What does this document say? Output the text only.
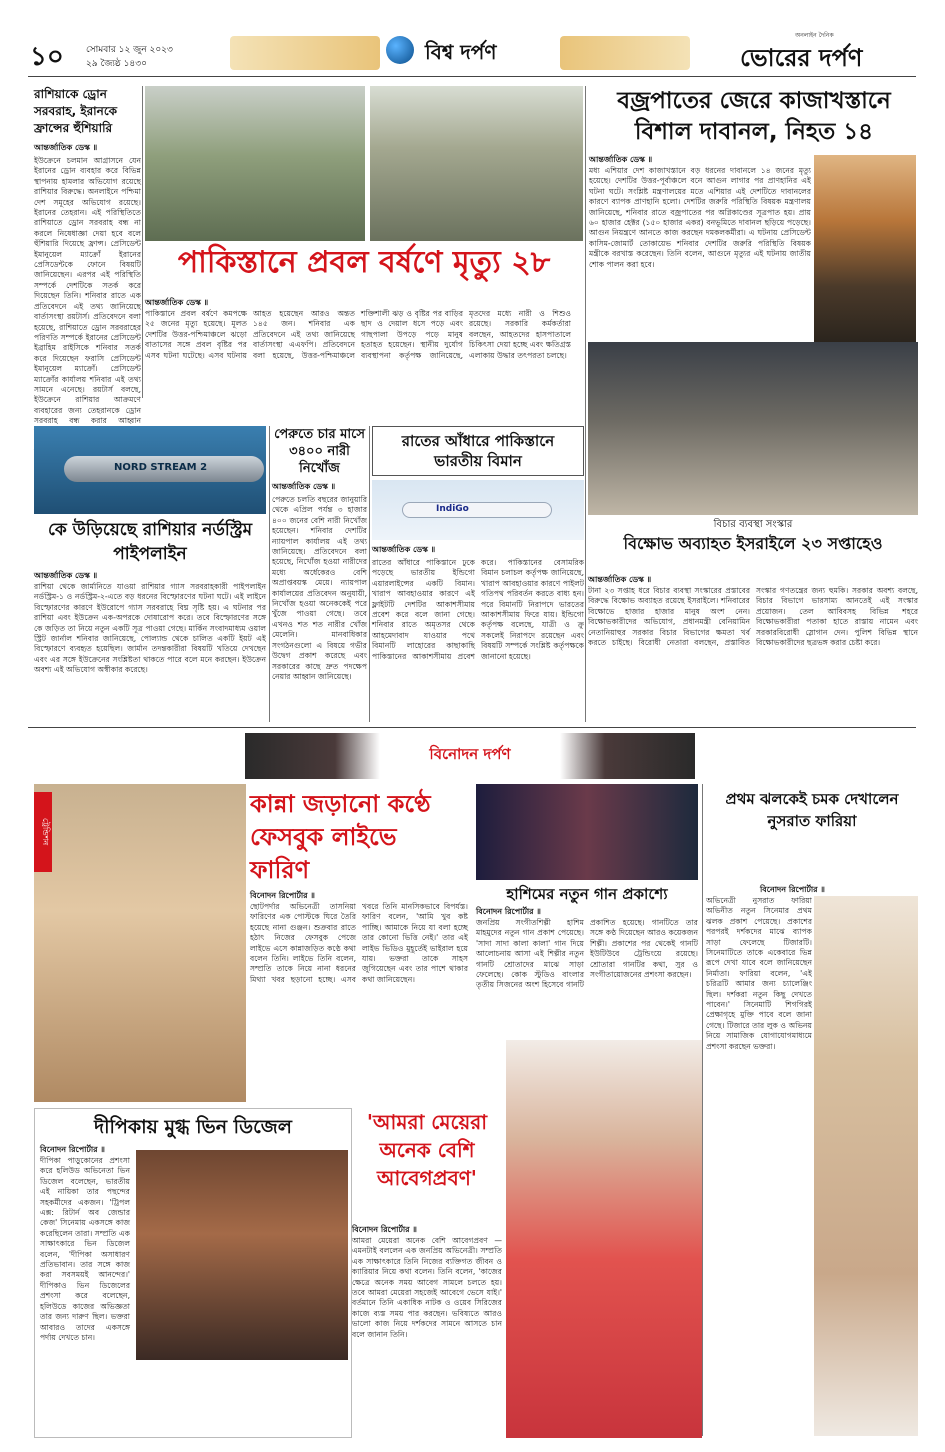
১০ সোমবার ১২ জুন ২০২৩
২৯ জ্যৈষ্ঠ ১৪৩০	বিশ্ব দর্পণ
অনলাইন দৈনিক
ভোরের দর্পণ
রাশিয়াকে ড্রোন সরবরাহ, ইরানকে ফ্রান্সের হুঁশিয়ারি
আন্তর্জাতিক ডেস্ক ॥
ইউক্রেনে চলমান আগ্রাসনে যেন ইরানের ড্রোন ব্যবহার করে বিভিন্ন স্থাপনায় হামলার অভিযোগ রয়েছে রাশিয়ার বিরুদ্ধে। অনলাইনে পশ্চিমা দেশ সমূহের অভিযোগ রয়েছে। ইরানের তেহরান। এই পরিস্থিতিতে রাশিয়াতে ড্রোন সরবরাহ বন্ধ না করলে নিষেধাজ্ঞা দেয়া হবে বলে হুঁশিয়ারি দিয়েছে ফ্রান্স। প্রেসিডেন্ট ইমানুয়েল ম্যাক্রোঁ ইরানের প্রেসিডেন্টকে ফোনে বিষয়টি জানিয়েছেন। এরপর এই পরিস্থিতি সম্পর্কে দেশটিকে সতর্ক করে দিয়েছেন তিনি। শনিবার রাতে এক প্রতিবেদনে এই তথ্য জানিয়েছে বার্তাসংস্থা রয়টার্স। প্রতিবেদনে বলা হয়েছে, রাশিয়াতে ড্রোন সরবরাহের পরিণতি সম্পর্কে ইরানের প্রেসিডেন্ট ইব্রাহিম রাইসিকে শনিবার সতর্ক করে দিয়েছেন ফরাসি প্রেসিডেন্ট ইমানুয়েল ম্যাক্রোঁ। প্রেসিডেন্ট ম্যাক্রোঁর কার্যালয় শনিবার এই তথ্য সামনে এনেছে। রয়টার্স বলছে, ইউক্রেনে রাশিয়ার আক্রমণে ব্যবহারের জন্য তেহরানকে ড্রোন সরবরাহ বন্ধ করার আহ্বান
বজ্রপাতের জেরে কাজাখস্তানে বিশাল দাবানল, নিহত ১৪
আন্তর্জাতিক ডেস্ক ॥
মধ্য এশিয়ার দেশ কাজাখস্তানে বড় ধরনের দাবানলে ১৪ জনের মৃত্যু হয়েছে। দেশটির উত্তর-পূর্বাঞ্চলে বনে আগুন লাগার পর প্রাণহানির এই ঘটনা ঘটে। সংশ্লিষ্ট মন্ত্রণালয়ের মতে এশিয়ার এই দেশটিতে দাবানলের কারণে ব্যাপক প্রাণহানি হলো। দেশটির জরুরি পরিস্থিতি বিষয়ক মন্ত্রণালয় জানিয়েছে, শনিবার রাতে বজ্রপাতের পর অগ্নিকাণ্ডের সূত্রপাত হয়। প্রায় ৬০ হাজার হেক্টর (১৫০ হাজার একর) বনভূমিতে দাবানল ছড়িয়ে পড়েছে। আগুন নিয়ন্ত্রণে আনতে কাজ করছেন দমকলকর্মীরা। এ ঘটনায় প্রেসিডেন্ট কাসিম-জোমার্ট তোকায়েভ শনিবার দেশটির জরুরি পরিস্থিতি বিষয়ক মন্ত্রীকে বরখাস্ত করেছেন। তিনি বলেন, আগুনে মৃত্যুর এই ঘটনায় জাতীয় শোক পালন করা হবে।
পাকিস্তানে প্রবল বর্ষণে মৃত্যু ২৮
আন্তর্জাতিক ডেস্ক ॥
পাকিস্তানে প্রবল বর্ষণে কমপক্ষে ২৫ জনের মৃত্যু হয়েছে। মূলত দেশটির উত্তর-পশ্চিমাঞ্চলে ঝড়ো বাতাসের সঙ্গে প্রবল বৃষ্টির পর এসব ঘটনা ঘটেছে। এসব ঘটনায় আহত হয়েছেন আরও অন্তত ১৪৫ জন। শনিবার এক প্রতিবেদনে এই তথ্য জানিয়েছে বার্তাসংস্থা এএফপি। প্রতিবেদনে বলা হয়েছে, উত্তর-পশ্চিমাঞ্চলে শক্তিশালী ঝড় ও বৃষ্টির পর বাড়ির ছাদ ও দেয়াল ধসে পড়ে এবং গাছপালা উপড়ে পড়ে মানুষ হতাহত হয়েছেন। স্থানীয় দুর্যোগ ব্যবস্থাপনা কর্তৃপক্ষ জানিয়েছে, মৃতদের মধ্যে নারী ও শিশুও রয়েছে। সরকারি কর্মকর্তারা বলছেন, আহতদের হাসপাতালে চিকিৎসা দেয়া হচ্ছে এবং ক্ষতিগ্রস্ত এলাকায় উদ্ধার তৎপরতা চলছে।
বিচার ব্যবস্থা সংস্কার
NORD STREAM 2
কে উড়িয়েছে রাশিয়ার নর্ডস্ট্রিম পাইপলাইন
আন্তর্জাতিক ডেস্ক ॥
রাশিয়া থেকে জার্মানিতে যাওয়া রাশিয়ার গ্যাস সরবরাহকারী পাইপলাইন নর্ডস্ট্রিম-১ ও নর্ডস্ট্রিম-২-এতে বড় ধরনের বিস্ফোরণের ঘটনা ঘটে। এই লাইনে বিস্ফোরণের কারণে ইউরোপে গ্যাস সরবরাহে বিঘ্ন সৃষ্টি হয়। এ ঘটনার পর রাশিয়া এবং ইউক্রেন এক-অপরকে দোষারোপ করে। তবে বিস্ফোরণের সঙ্গে কে জড়িত তা নিয়ে নতুন একটি সূত্র পাওয়া গেছে। মার্কিন সংবাদমাধ্যম ওয়াল স্ট্রিট জার্নাল শনিবার জানিয়েছে, পোল্যান্ড থেকে চালিত একটি ইয়ট এই বিস্ফোরণে ব্যবহৃত হয়েছিল। জার্মান তদন্তকারীরা বিষয়টি খতিয়ে দেখছেন এবং এর সঙ্গে ইউক্রেনের সংশ্লিষ্টতা থাকতে পারে বলে মনে করছেন। ইউক্রেন অবশ্য এই অভিযোগ অস্বীকার করেছে।
পেরুতে চার মাসে ৩৪০০ নারী নিখোঁজ
আন্তর্জাতিক ডেস্ক ॥
পেরুতে চলতি বছরের জানুয়ারি থেকে এপ্রিল পর্যন্ত ৩ হাজার ৪০০ জনের বেশি নারী নিখোঁজ হয়েছেন। শনিবার দেশটির ন্যায়পাল কার্যালয় এই তথ্য জানিয়েছে। প্রতিবেদনে বলা হয়েছে, নিখোঁজ হওয়া নারীদের মধ্যে অর্ধেকেরও বেশি অপ্রাপ্তবয়স্ক মেয়ে। ন্যায়পাল কার্যালয়ের প্রতিবেদন অনুযায়ী, নিখোঁজ হওয়া অনেককেই পরে খুঁজে পাওয়া গেছে। তবে এখনও শত শত নারীর খোঁজ মেলেনি। মানবাধিকার সংগঠনগুলো এ বিষয়ে গভীর উদ্বেগ প্রকাশ করেছে এবং সরকারের কাছে দ্রুত পদক্ষেপ নেয়ার আহ্বান জানিয়েছে।
রাতের আঁধারে পাকিস্তানে ভারতীয় বিমান
IndiGo
আন্তর্জাতিক ডেস্ক ॥
রাতের আঁধারে পাকিস্তানে ঢুকে পড়েছে ভারতীয় ইন্ডিগো এয়ারলাইন্সের একটি বিমান। খারাপ আবহাওয়ার কারণে এই ফ্লাইটটি দেশটির আকাশসীমায় প্রবেশ করে বলে জানা গেছে। শনিবার রাতে অমৃতসর থেকে আহমেদাবাদ যাওয়ার পথে বিমানটি লাহোরের কাছাকাছি পাকিস্তানের আকাশসীমায় প্রবেশ করে। পাকিস্তানের বেসামরিক বিমান চলাচল কর্তৃপক্ষ জানিয়েছে, খারাপ আবহাওয়ার কারণে পাইলট গতিপথ পরিবর্তন করতে বাধ্য হন। পরে বিমানটি নিরাপদে ভারতের আকাশসীমায় ফিরে যায়। ইন্ডিগো কর্তৃপক্ষ বলেছে, যাত্রী ও ক্রু সকলেই নিরাপদে রয়েছেন এবং বিষয়টি সম্পর্কে সংশ্লিষ্ট কর্তৃপক্ষকে জানানো হয়েছে।
বিক্ষোভ অব্যাহত ইসরাইলে ২৩ সপ্তাহেও
আন্তর্জাতিক ডেস্ক ॥
টানা ২৩ সপ্তাহ ধরে বিচার ব্যবস্থা সংস্কারের প্রস্তাবের বিরুদ্ধে বিক্ষোভ অব্যাহত রয়েছে ইসরাইলে। শনিবারের বিক্ষোভে হাজার হাজার মানুষ অংশ নেন। বিক্ষোভকারীদের অভিযোগ, প্রধানমন্ত্রী বেনিয়ামিন নেতানিয়াহুর সরকার বিচার বিভাগের ক্ষমতা খর্ব করতে চাইছে। বিরোধী নেতারা বলছেন, প্রস্তাবিত সংস্কার গণতন্ত্রের জন্য হুমকি। সরকার অবশ্য বলছে, বিচার বিভাগে ভারসাম্য আনতেই এই সংস্কার প্রয়োজন। তেল আবিবসহ বিভিন্ন শহরে বিক্ষোভকারীরা পতাকা হাতে রাস্তায় নামেন এবং সরকারবিরোধী স্লোগান দেন। পুলিশ বিভিন্ন স্থানে বিক্ষোভকারীদের ছত্রভঙ্গ করার চেষ্টা করে।
বিনোদন দর্পণ
ট্রেন্ডিশন
কান্না জড়ানো কণ্ঠে ফেসবুক লাইভে ফারিণ
বিনোদন রিপোর্টার ॥
ছোটপর্দার অভিনেত্রী তাসনিয়া ফারিণের এক পোস্টকে ঘিরে তৈরি হয়েছে নানা গুঞ্জন। শুক্রবার রাতে হঠাৎ নিজের ফেসবুক পেজে লাইভে এসে কান্নাজড়িত কণ্ঠে কথা বলেন তিনি। লাইভে তিনি বলেন, সম্প্রতি তাকে নিয়ে নানা ধরনের মিথ্যা খবর ছড়ানো হচ্ছে। এসব খবরে তিনি মানসিকভাবে বিপর্যস্ত। ফারিণ বলেন, 'আমি খুব কষ্ট পাচ্ছি। আমাকে নিয়ে যা বলা হচ্ছে তার কোনো ভিত্তি নেই।' তার এই লাইভ ভিডিও মুহূর্তেই ভাইরাল হয়ে যায়। ভক্তরা তাকে সাহস জুগিয়েছেন এবং তার পাশে থাকার কথা জানিয়েছেন।
হাশিমের নতুন গান প্রকাশ্যে
বিনোদন রিপোর্টার ॥
জনপ্রিয় সংগীতশিল্পী হাশিম মাহমুদের নতুন গান প্রকাশ পেয়েছে। 'সাদা সাদা কালা কালা' গান দিয়ে আলোচনায় আসা এই শিল্পীর নতুন গানটি শ্রোতাদের মাঝে সাড়া ফেলেছে। কোক স্টুডিও বাংলার তৃতীয় সিজনের অংশ হিসেবে গানটি প্রকাশিত হয়েছে। গানটিতে তার সঙ্গে কণ্ঠ দিয়েছেন আরও কয়েকজন শিল্পী। প্রকাশের পর থেকেই গানটি ইউটিউবে ট্রেন্ডিংয়ে রয়েছে। শ্রোতারা গানটির কথা, সুর ও সংগীতায়োজনের প্রশংসা করছেন।
প্রথম ঝলকেই চমক দেখালেন নুসরাত ফারিয়া
বিনোদন রিপোর্টার ॥
অভিনেত্রী নুসরাত ফারিয়া অভিনীত নতুন সিনেমার প্রথম ঝলক প্রকাশ পেয়েছে। প্রকাশের পরপরই দর্শকদের মাঝে ব্যাপক সাড়া ফেলেছে টিজারটি। সিনেমাটিতে তাকে একেবারে ভিন্ন রূপে দেখা যাবে বলে জানিয়েছেন নির্মাতা। ফারিয়া বলেন, 'এই চরিত্রটি আমার জন্য চ্যালেঞ্জিং ছিল। দর্শকরা নতুন কিছু দেখতে পাবেন।' সিনেমাটি শিগগিরই প্রেক্ষাগৃহে মুক্তি পাবে বলে জানা গেছে। টিজারে তার লুক ও অভিনয় নিয়ে সামাজিক যোগাযোগমাধ্যমে প্রশংসা করছেন ভক্তরা।
দীপিকায় মুগ্ধ ভিন ডিজেল
বিনোদন রিপোর্টার ॥
দীপিকা পাড়ুকোনের প্রশংসা করে হলিউড অভিনেতা ভিন ডিজেল বলেছেন, ভারতীয় এই নায়িকা তার পছন্দের সহকর্মীদের একজন। 'ট্রিপল এক্স: রিটার্ন অব জেন্ডার কেজ' সিনেমায় একসঙ্গে কাজ করেছিলেন তারা। সম্প্রতি এক সাক্ষাৎকারে ভিন ডিজেল বলেন, 'দীপিকা অসাধারণ প্রতিভাবান। তার সঙ্গে কাজ করা সবসময়ই আনন্দের।' দীপিকাও ভিন ডিজেলের প্রশংসা করে বলেছেন, হলিউডে কাজের অভিজ্ঞতা তার জন্য দারুণ ছিল। ভক্তরা আবারও তাদের একসঙ্গে পর্দায় দেখতে চান।
'আমরা মেয়েরা অনেক বেশি আবেগপ্রবণ'
বিনোদন রিপোর্টার ॥
আমরা মেয়েরা অনেক বেশি আবেগপ্রবণ — এমনটাই বললেন এক জনপ্রিয় অভিনেত্রী। সম্প্রতি এক সাক্ষাৎকারে তিনি নিজের ব্যক্তিগত জীবন ও ক্যারিয়ার নিয়ে কথা বলেন। তিনি বলেন, 'কাজের ক্ষেত্রে অনেক সময় আবেগ সামলে চলতে হয়। তবে আমরা মেয়েরা সহজেই আবেগে ভেসে যাই।' বর্তমানে তিনি একাধিক নাটক ও ওয়েব সিরিজের কাজে ব্যস্ত সময় পার করছেন। ভবিষ্যতে আরও ভালো কাজ নিয়ে দর্শকদের সামনে আসতে চান বলে জানান তিনি।
